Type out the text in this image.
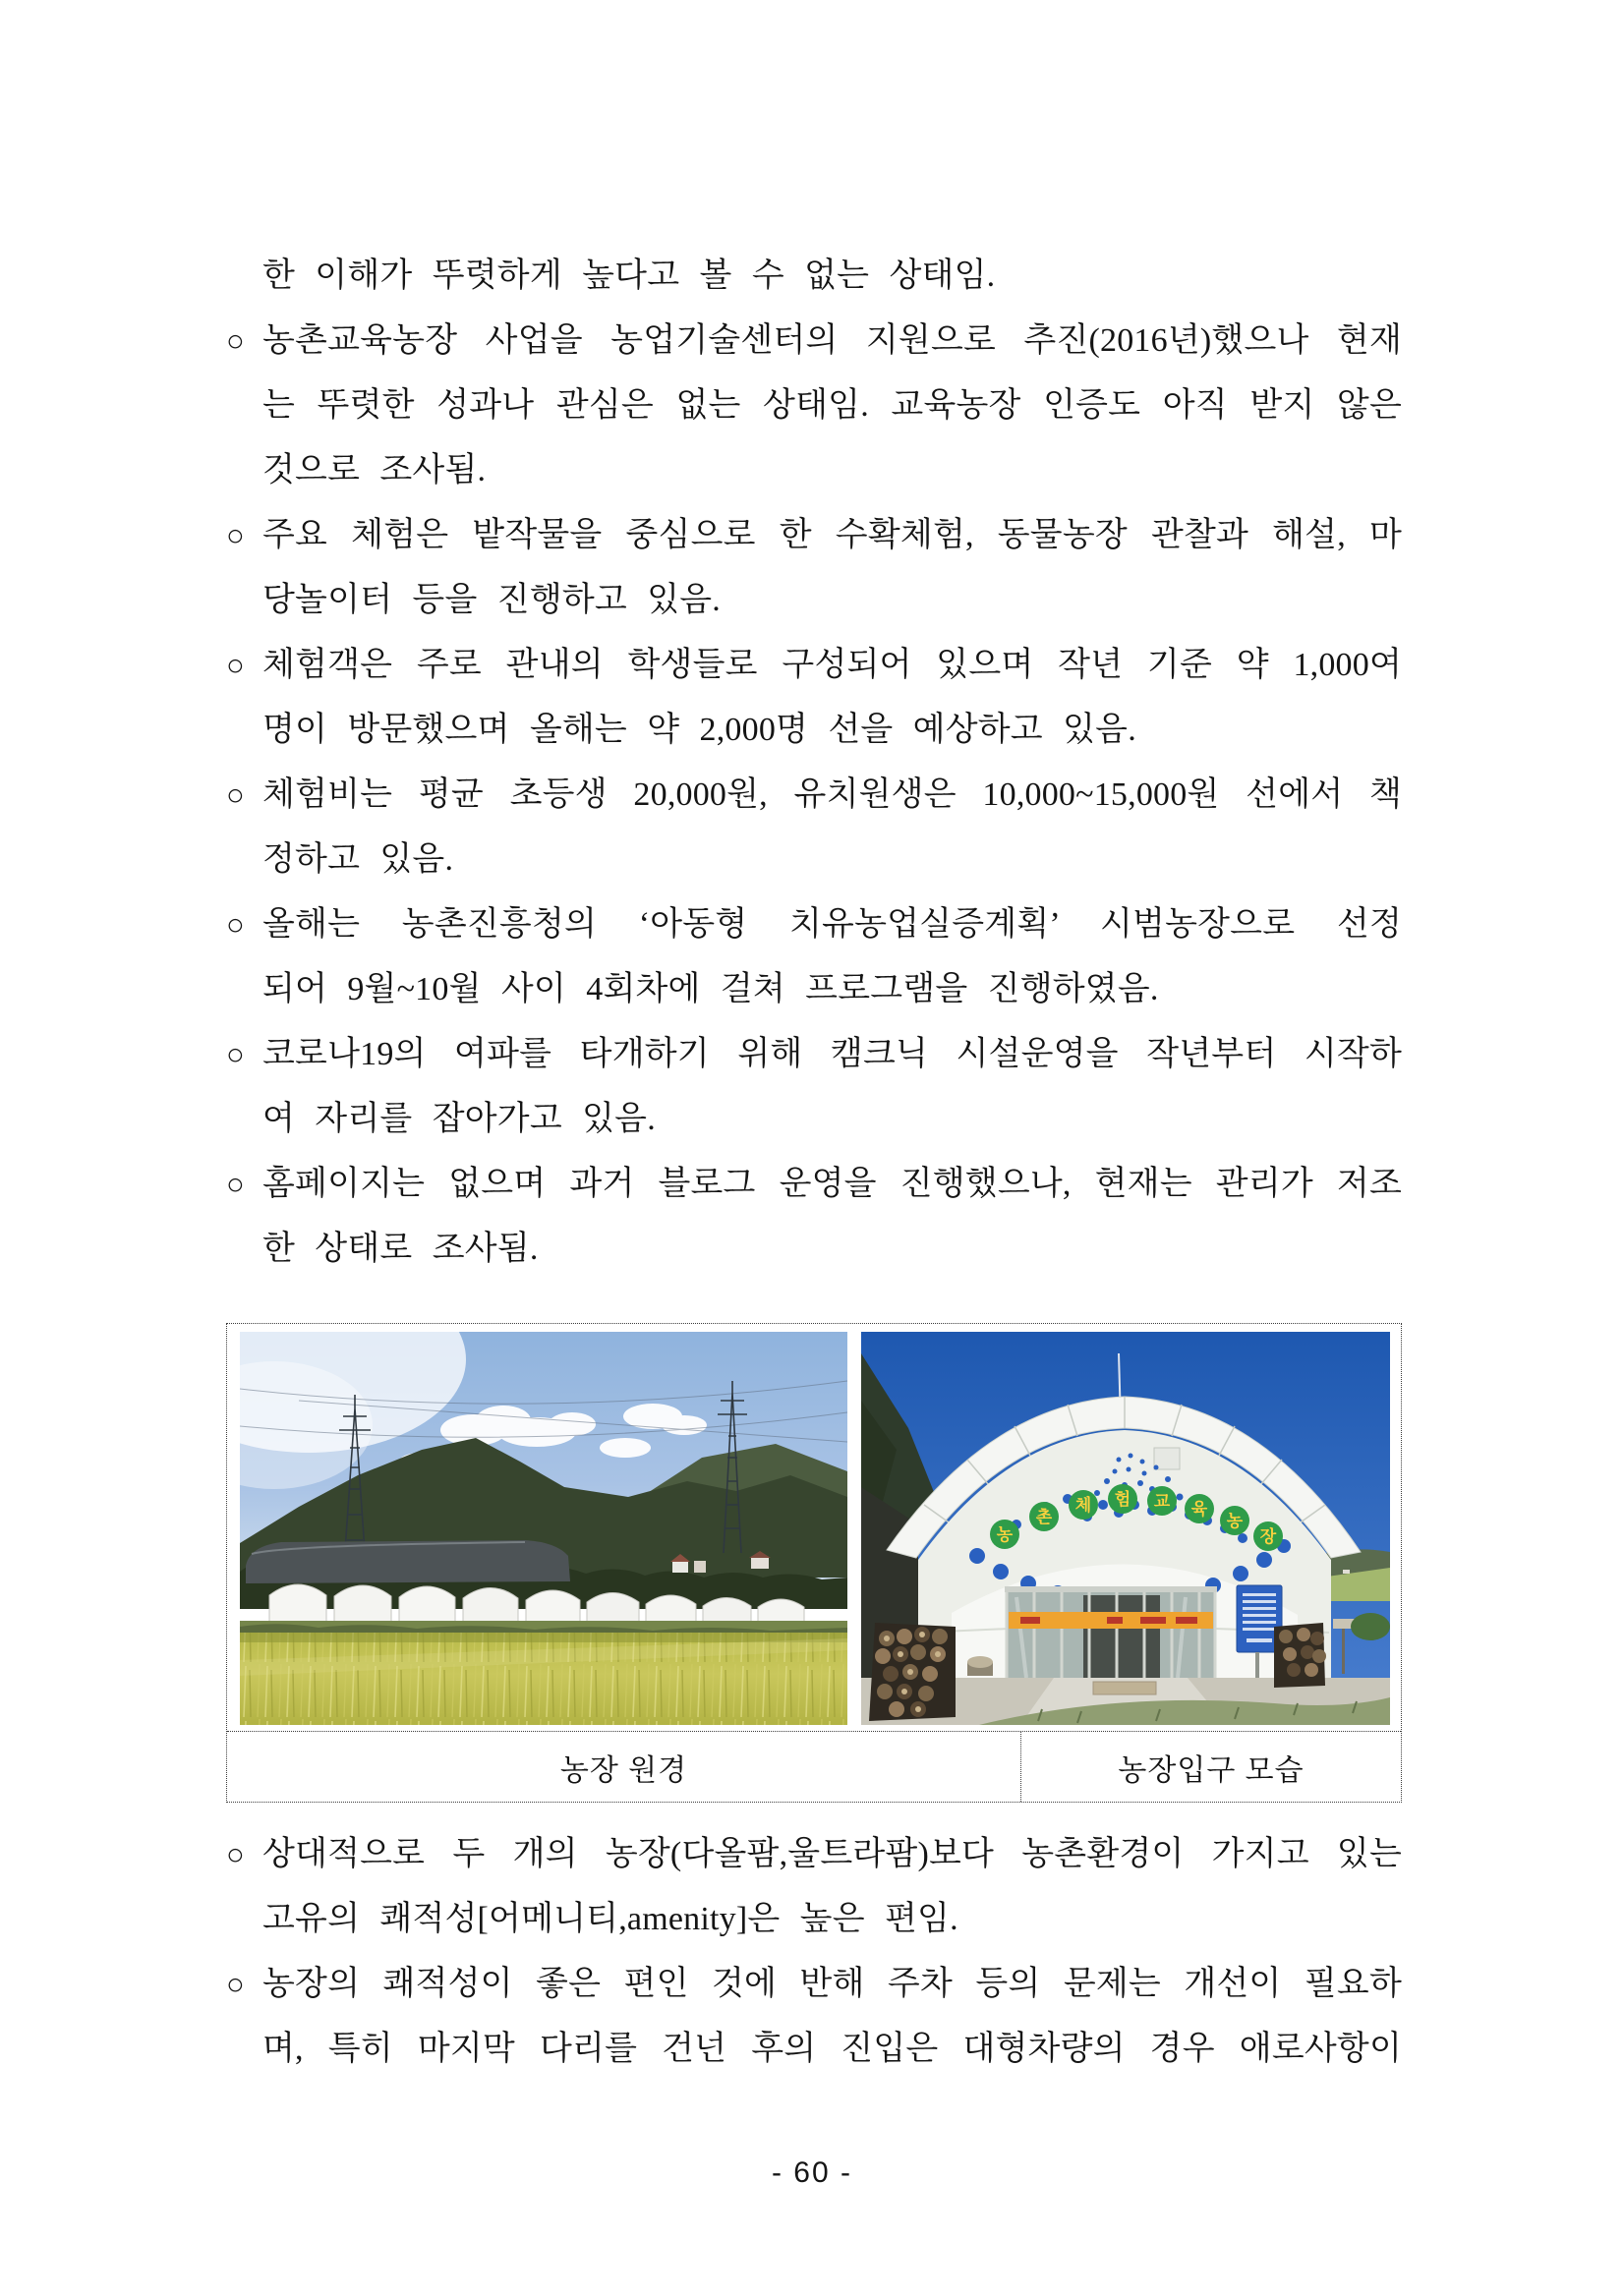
한 이해가 뚜렷하게 높다고 볼 수 없는 상태임.
○ 농촌교육농장 사업을 농업기술센터의 지원으로 추진(2016년)했으나 현재
는 뚜렷한 성과나 관심은 없는 상태임. 교육농장 인증도 아직 받지 않은
것으로 조사됨.
○ 주요 체험은 밭작물을 중심으로 한 수확체험, 동물농장 관찰과 해설, 마
당놀이터 등을 진행하고 있음.
○ 체험객은 주로 관내의 학생들로 구성되어 있으며 작년 기준 약 1,000여
명이 방문했으며 올해는 약 2,000명 선을 예상하고 있음.
○ 체험비는 평균 초등생 20,000원, 유치원생은 10,000~15,000원 선에서 책
정하고 있음.
○ 올해는 농촌진흥청의 ‘아동형 치유농업실증계획’ 시범농장으로 선정
되어 9월~10월 사이 4회차에 걸쳐 프로그램을 진행하였음.
○ 코로나19의 여파를 타개하기 위해 캠크닉 시설운영을 작년부터 시작하
여 자리를 잡아가고 있음.
○ 홈페이지는 없으며 과거 블로그 운영을 진행했으나, 현재는 관리가 저조
한 상태로 조사됨.
농
촌
체 험 교 육
농
장
농장 원경	농장입구 모습
○ 상대적으로 두 개의 농장(다올팜,울트라팜)보다 농촌환경이 가지고 있는
고유의 쾌적성[어메니티,amenity]은 높은 편임.
○ 농장의 쾌적성이 좋은 편인 것에 반해 주차 등의 문제는 개선이 필요하
며, 특히 마지막 다리를 건넌 후의 진입은 대형차량의 경우 애로사항이
- 60 -
